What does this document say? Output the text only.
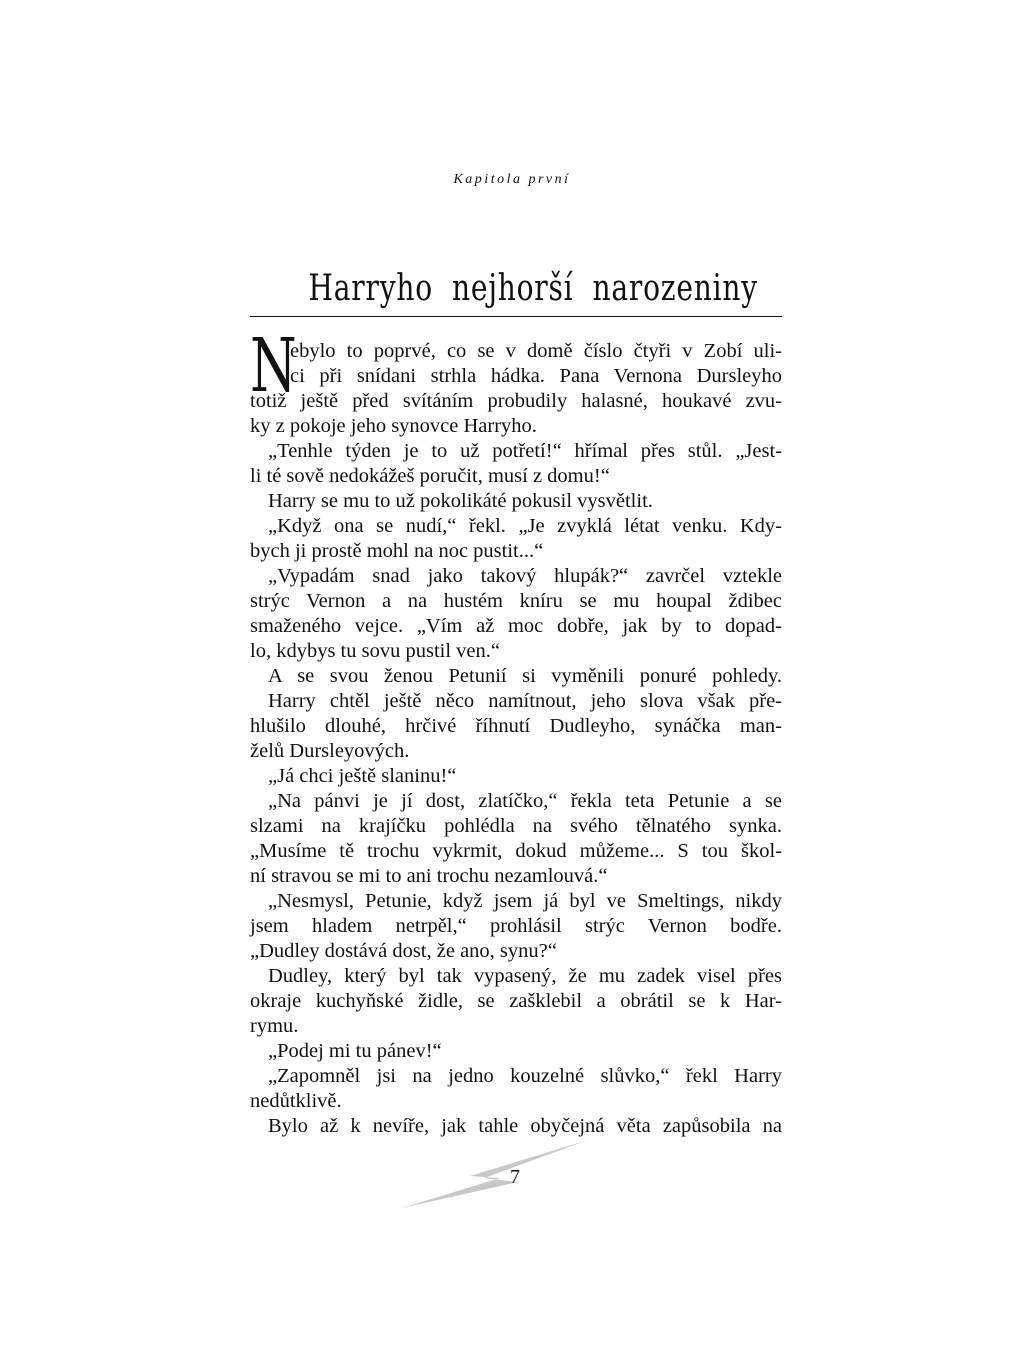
Kapitola první
Harryho nejhorší narozeniny
N
ebylo to poprvé, co se v domě číslo čtyři v Zobí uli-
ci při snídani strhla hádka. Pana Vernona Dursleyho
totiž ještě před svítáním probudily halasné, houkavé zvu-
ky z pokoje jeho synovce Harryho.
„Tenhle týden je to už potřetí!“ hřímal přes stůl. „Jest-
li té sově nedokážeš poručit, musí z domu!“
Harry se mu to už pokolikáté pokusil vysvětlit.
„Když ona se nudí,“ řekl. „Je zvyklá létat venku. Kdy-
bych ji prostě mohl na noc pustit...“
„Vypadám snad jako takový hlupák?“ zavrčel vztekle
strýc Vernon a na hustém kníru se mu houpal ždibec
smaženého vejce. „Vím až moc dobře, jak by to dopad-
lo, kdybys tu sovu pustil ven.“
A se svou ženou Petunií si vyměnili ponuré pohledy.
Harry chtěl ještě něco namítnout, jeho slova však pře-
hlušilo dlouhé, hrčivé říhnutí Dudleyho, synáčka man-
želů Dursleyových.
„Já chci ještě slaninu!“
„Na pánvi je jí dost, zlatíčko,“ řekla teta Petunie a se
slzami na krajíčku pohlédla na svého tělnatého synka.
„Musíme tě trochu vykrmit, dokud můžeme... S tou škol-
ní stravou se mi to ani trochu nezamlouvá.“
„Nesmysl, Petunie, když jsem já byl ve Smeltings, nikdy
jsem hladem netrpěl,“ prohlásil strýc Vernon bodře.
„Dudley dostává dost, že ano, synu?“
Dudley, který byl tak vypasený, že mu zadek visel přes
okraje kuchyňské židle, se zašklebil a obrátil se k Har-
rymu.
„Podej mi tu pánev!“
„Zapomněl jsi na jedno kouzelné slůvko,“ řekl Harry
nedůtklivě.
Bylo až k nevíře, jak tahle obyčejná věta zapůsobila na
7
